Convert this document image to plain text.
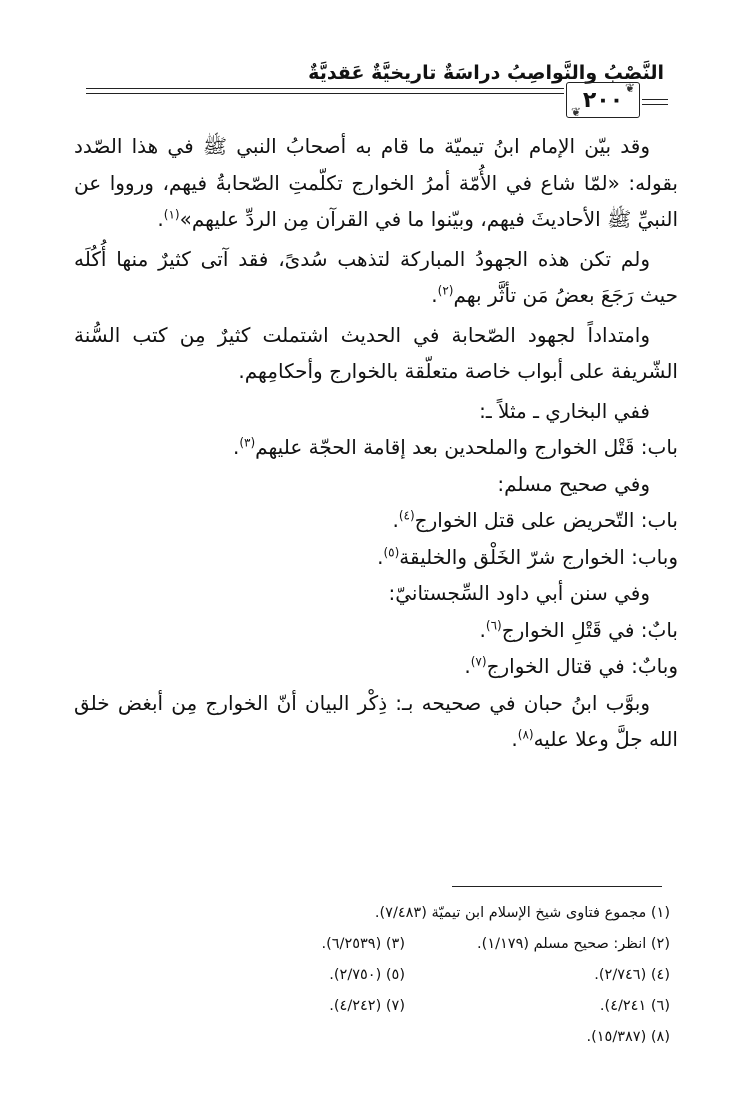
النَّصْبُ والنَّواصِبُ دراسَةٌ تاريخيَّةٌ عَقديَّةٌ
❦
٢٠٠
❦

وقد بيّن الإمام ابنُ تيميّة ما قام به أصحابُ النبي ﷺ في هذا الصّدد بقوله: «لمّا شاع في الأُمّة أمرُ الخوارج تكلّمتِ الصّحابةُ فيهم، ورووا عن النبيِّ ﷺ الأحاديثَ فيهم، وبيّنوا ما في القرآن مِن الردِّ عليهم»$^{(١)}$.

ولم تكن هذه الجهودُ المباركة لتذهب سُدىً، فقد آتى كثيرٌ منها أُكُلَه حيث رَجَعَ بعضُ مَن تأثَّر بهم$^{(٢)}$.

وامتداداً لجهود الصّحابة في الحديث اشتملت كثيرٌ مِن كتب السُّنة الشّريفة على أبواب خاصة متعلّقة بالخوارج وأحكامِهم.

ففي البخاري ـ مثلاً ـ:

باب: قَتْل الخوارج والملحدين بعد إقامة الحجّة عليهم$^{(٣)}$.

وفي صحيح مسلم:

باب: التّحريض على قتل الخوارج$^{(٤)}$.

وباب: الخوارج شرّ الخَلْق والخليقة$^{(٥)}$.

وفي سنن أبي داود السِّجستانيّ:

بابٌ: في قَتْلِ الخوارج$^{(٦)}$.

وبابٌ: في قتال الخوارج$^{(٧)}$.

وبوَّب ابنُ حبان في صحيحه بـ: ذِكْر البيان أنّ الخوارج مِن أبغض خلق الله جلَّ وعلا عليه$^{(٨)}$.

(١) مجموع فتاوى شيخ الإسلام ابن تيميّة (٧/٤٨٣).
(٢) انظر: صحيح مسلم (١/١٧٩).
(٣) (٦/٢٥٣٩).
(٤) (٢/٧٤٦).
(٥) (٢/٧٥٠).
(٦) ٤/٢٤١).
(٧) (٤/٢٤٢).
(٨) (١٥/٣٨٧).
